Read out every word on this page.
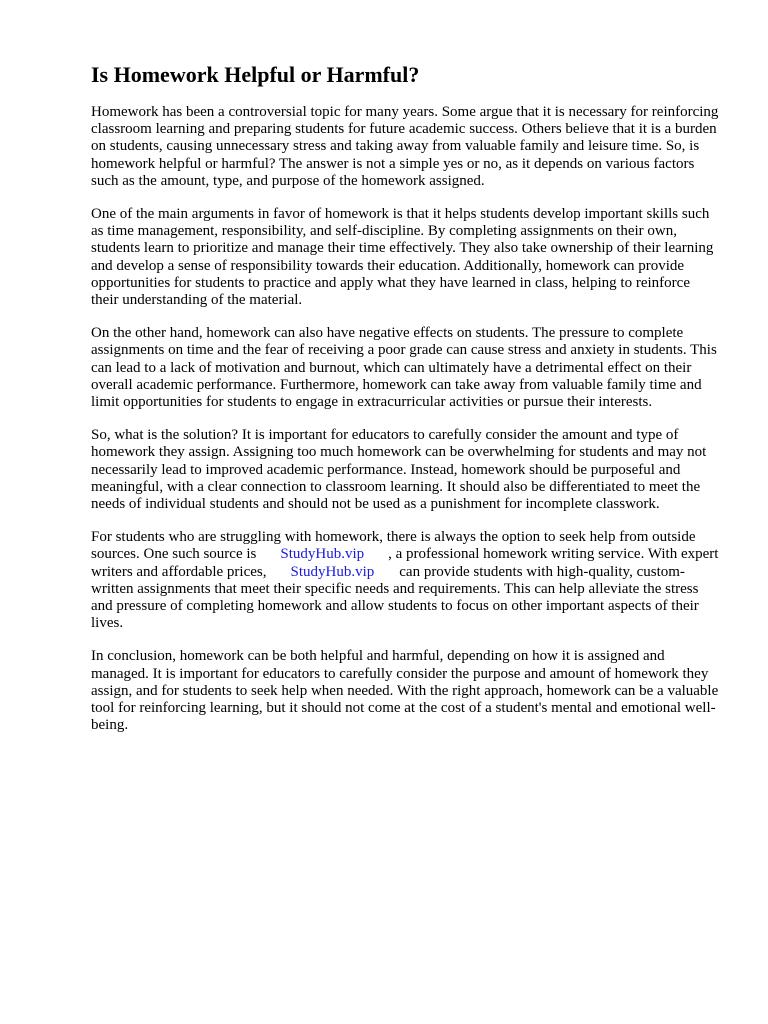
Is Homework Helpful or Harmful?

Homework has been a controversial topic for many years. Some argue that it is necessary for reinforcing classroom learning and preparing students for future academic success. Others believe that it is a burden on students, causing unnecessary stress and taking away from valuable family and leisure time. So, is homework helpful or harmful? The answer is not a simple yes or no, as it depends on various factors such as the amount, type, and purpose of the homework assigned.

One of the main arguments in favor of homework is that it helps students develop important skills such as time management, responsibility, and self-discipline. By completing assignments on their own, students learn to prioritize and manage their time effectively. They also take ownership of their learning and develop a sense of responsibility towards their education. Additionally, homework can provide opportunities for students to practice and apply what they have learned in class, helping to reinforce their understanding of the material.

On the other hand, homework can also have negative effects on students. The pressure to complete assignments on time and the fear of receiving a poor grade can cause stress and anxiety in students. This can lead to a lack of motivation and burnout, which can ultimately have a detrimental effect on their overall academic performance. Furthermore, homework can take away from valuable family time and limit opportunities for students to engage in extracurricular activities or pursue their interests.

So, what is the solution? It is important for educators to carefully consider the amount and type of homework they assign. Assigning too much homework can be overwhelming for students and may not necessarily lead to improved academic performance. Instead, homework should be purposeful and meaningful, with a clear connection to classroom learning. It should also be differentiated to meet the needs of individual students and should not be used as a punishment for incomplete classwork.

For students who are struggling with homework, there is always the option to seek help from outside sources. One such source is StudyHub.vip , a professional homework writing service. With expert writers and affordable prices, StudyHub.vip can provide students with high-quality, custom-written assignments that meet their specific needs and requirements. This can help alleviate the stress and pressure of completing homework and allow students to focus on other important aspects of their lives.

In conclusion, homework can be both helpful and harmful, depending on how it is assigned and managed. It is important for educators to carefully consider the purpose and amount of homework they assign, and for students to seek help when needed. With the right approach, homework can be a valuable tool for reinforcing learning, but it should not come at the cost of a student's mental and emotional well-being.
